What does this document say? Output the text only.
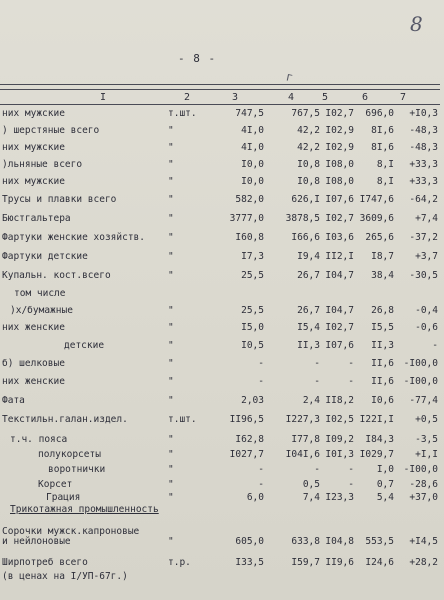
8
- 8 -
г
I	2	3	4	5	6	7
них мужские	т.шт.	747,5	767,5 I02,7	696,0	+I0,3
) шерстяные всего	"	4I,0	42,2 I02,9	8I,6	-48,3
них мужские	"	4I,0	42,2 I02,9	8I,6	-48,3
)льняные всего	"	I0,0	I0,8 I08,0	8,I	+33,3
них мужские	"	I0,0	I0,8 I08,0	8,I	+33,3
Трусы и плавки всего	"	582,0	626,I I07,6 I747,6	-64,2
Бюстгальтера	"	3777,0	3878,5 I02,7 3609,6	+7,4
Фартуки женские хозяйств. "	I60,8	I66,6 I03,6	265,6	-37,2
Фартуки детские	"	I7,3	I9,4 II2,I	I8,7	+3,7
Купальн. кост.всего	"	25,5	26,7 I04,7	38,4	-30,5
том числе
)х/бумажные	"	25,5	26,7 I04,7	26,8	-0,4
них женские	"	I5,0	I5,4 I02,7	I5,5	-0,6
детские	"	I0,5	II,3 I07,6	II,3	-
б) шелковые	"	-	-	-	II,6	-I00,0
них женские	"	-	-	-	II,6	-I00,0
Фата	"	2,03	2,4 II8,2	I0,6	-77,4
Текстильн.галан.издел.	т.шт.	II96,5	I227,3 I02,5 I22I,I	+0,5
т.ч. пояса	"	I62,8	I77,8 I09,2	I84,3	-3,5
полукорсеты	"	I027,7	I04I,6 I0I,3 I029,7	+I,I
воротнички	"	-	-	-	I,0	-I00,0
Корсет	"	-	0,5	-	0,7	-28,6
Грация	"	6,0	7,4 I23,3	5,4	+37,0
Трикотажная промышленность
Сорочки мужск.капроновые
и нейлоновые	"	605,0	633,8 I04,8	553,5	+I4,5
Ширпотреб всего	т.р.	I33,5	I59,7 II9,6	I24,6	+28,2
(в ценах на I/УП-67г.)
